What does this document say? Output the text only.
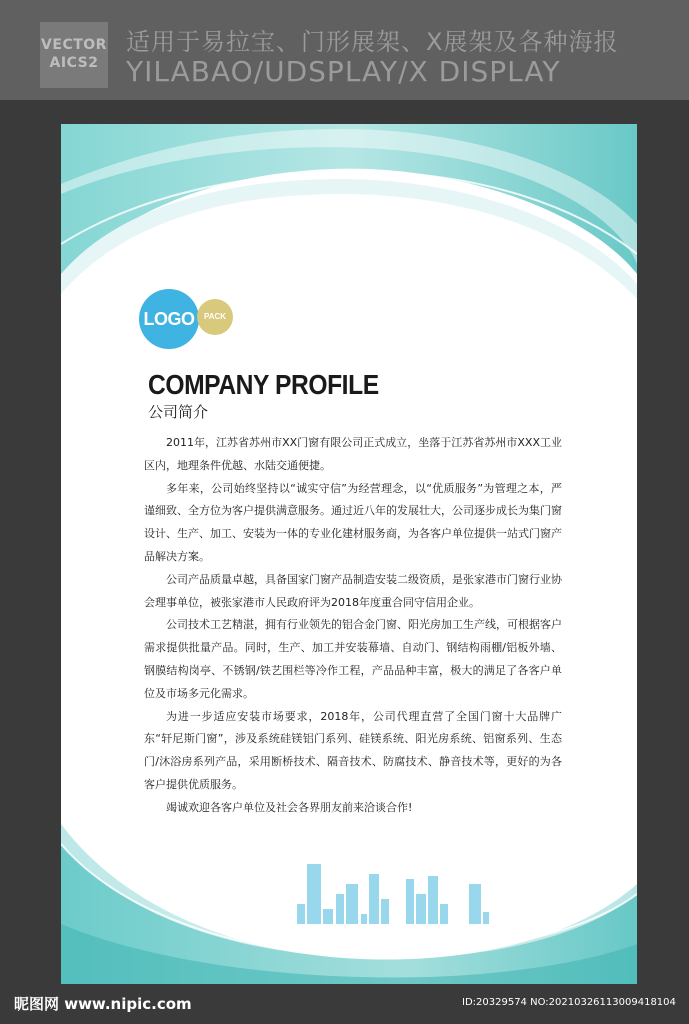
VECTOR
AICS2
适用于易拉宝、门形展架、X展架及各种海报
YILABAO/UDSPLAY/X DISPLAY
LOGO	PACK
COMPANY PROFILE
公司简介

2011年，江苏省苏州市XX门窗有限公司正式成立，坐落于江苏省苏州市XXX工业区内，地理条件优越、水陆交通便捷。

多年来，公司始终坚持以“诚实守信”为经营理念，以“优质服务”为管理之本，严谨细致、全方位为客户提供满意服务。通过近八年的发展壮大，公司逐步成长为集门窗设计、生产、加工、安装为一体的专业化建材服务商，为各客户单位提供一站式门窗产品解决方案。

公司产品质量卓越，具备国家门窗产品制造安装二级资质，是张家港市门窗行业协会理事单位，被张家港市人民政府评为2018年度重合同守信用企业。

公司技术工艺精湛，拥有行业领先的铝合金门窗、阳光房加工生产线，可根据客户需求提供批量产品。同时，生产、加工并安装幕墙、自动门、钢结构雨棚/铝板外墙、钢膜结构岗亭、不锈钢/铁艺围栏等冷作工程，产品品种丰富，极大的满足了各客户单位及市场多元化需求。

为进一步适应安装市场要求，2018年，公司代理直营了全国门窗十大品牌广东“轩尼斯门窗”，涉及系统硅镁铝门系列、硅镁系统、阳光房系统、铝窗系列、生态门/沐浴房系列产品，采用断桥技术、隔音技术、防腐技术、静音技术等，更好的为各客户提供优质服务。

竭诚欢迎各客户单位及社会各界朋友前来洽谈合作!

昵图网 www.nipic.com	ID:20329574 NO:20210326113009418104
